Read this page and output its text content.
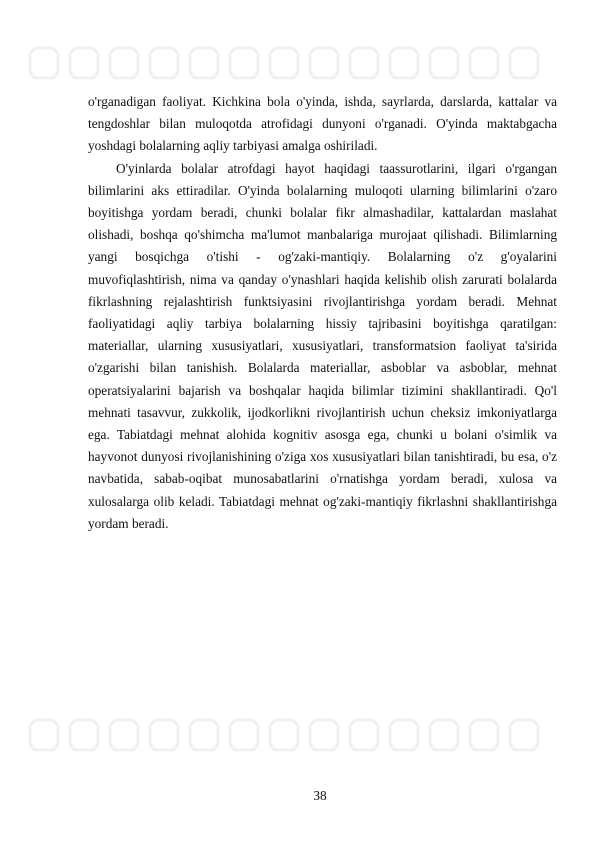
o'rganadigan faoliyat. Kichkina bola o'yinda, ishda, sayrlarda, darslarda, kattalar va tengdoshlar bilan muloqotda atrofidagi dunyoni o'rganadi. O'yinda maktabgacha yoshdagi bolalarning aqliy tarbiyasi amalga oshiriladi.

O'yinlarda bolalar atrofdagi hayot haqidagi taassurotlarini, ilgari o'rgangan bilimlarini aks ettiradilar. O'yinda bolalarning muloqoti ularning bilimlarini o'zaro boyitishga yordam beradi, chunki bolalar fikr almashadilar, kattalardan maslahat olishadi, boshqa qo'shimcha ma'lumot manbalariga murojaat qilishadi. Bilimlarning yangi bosqichga o'tishi - og'zaki-mantiqiy. Bolalarning o'z g'oyalarini muvofiqlashtirish, nima va qanday o'ynashlari haqida kelishib olish zarurati bolalarda fikrlashning rejalashtirish funktsiyasini rivojlantirishga yordam beradi. Mehnat faoliyatidagi aqliy tarbiya bolalarning hissiy tajribasini boyitishga qaratilgan: materiallar, ularning xususiyatlari, xususiyatlari, transformatsion faoliyat ta'sirida o'zgarishi bilan tanishish. Bolalarda materiallar, asboblar va asboblar, mehnat operatsiyalarini bajarish va boshqalar haqida bilimlar tizimini shakllantiradi. Qo'l mehnati tasavvur, zukkolik, ijodkorlikni rivojlantirish uchun cheksiz imkoniyatlarga ega. Tabiatdagi mehnat alohida kognitiv asosga ega, chunki u bolani o'simlik va hayvonot dunyosi rivojlanishining o'ziga xos xususiyatlari bilan tanishtiradi, bu esa, o'z navbatida, sabab-oqibat munosabatlarini o'rnatishga yordam beradi, xulosa va xulosalarga olib keladi. Tabiatdagi mehnat og'zaki-mantiqiy fikrlashni shakllantirishga yordam beradi.

38
